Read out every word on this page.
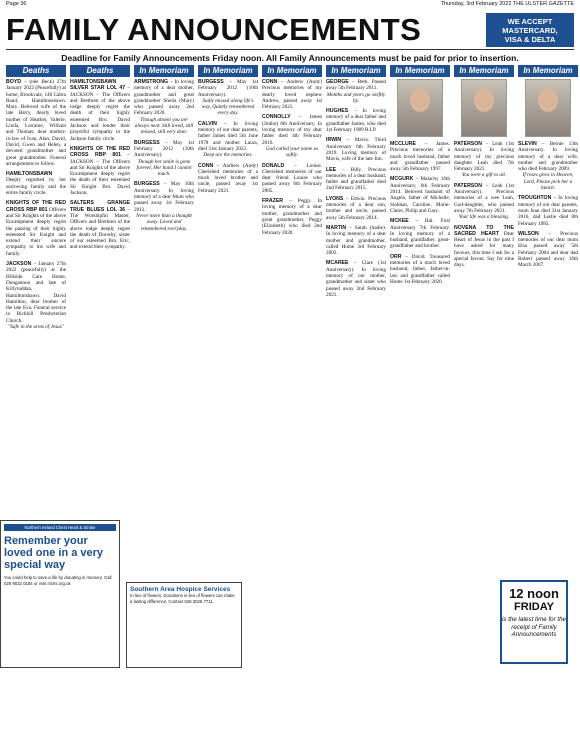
Page 36	Thursday, 3rd February 2022 THE ULSTER GAZETTE
FAMILY ANNOUNCEMENTS	WE ACCEPT
MASTERCARD,
VISA & DELTA
Deadline for Family Announcements Friday noon. All Family Announcements must be paid for prior to insertion.
Deaths
BOYD – (née Beck) 27th January 2022 (Peacefully) at home, Brookvale, 140 Cabra Road, Hamiltonsbawn. Mary. Beloved wife of the late Harry, dearly loved mother of Heather, Valerie, Linda, Lorraine, William and Thomas; dear mother-in-law of Ivan, Alan, David, David, Gwen and Helen, a devoted grandmother and great grandmother. Funeral arrangements to follow.
HAMILTONSBAWN Deeply regretted by her sorrowing family and the entire family circle.
KNIGHTS OF THE RED CROSS RBP 801 Officers and Sir Knights of the above Encampment deeply regret the passing of their highly esteemed Sir Knight and extend their sincere sympathy to his wife and family.
JACKSON – January 27th 2022 (peacefully) at the Hillside Care Home, Dungannon and late of Killyruddan, Hamiltonsbawn. David Hamilton, dear brother of the late Eva. Funeral service in Richhill Presbyterian Church.
"Safe in the arms of Jesus"
Deaths
HAMILTONSBAWN SILVER STAR LOL 47 – JACKSON – The Officers and Brethren of the above lodge deeply regret the death of their highly esteemed Bro. David Jackson and tender their prayerful sympathy to the Jackson family circle.
KNIGHTS OF THE RED CROSS RBP 801 – JACKSON – The Officers and Sir Knights of the above Encampment deeply regret the death of their esteemed Sir Knight Bro. David Jackson.
SALTERS GRANGE TRUE BLUES LOL 36 – The Worshipful Master, Officers and Brethren of the above lodge deeply regret the death of Dorothy, sister of our esteemed Bro. Eric, and extend their sympathy.
In Memoriam
ARMSTRONG – In loving memory of a dear mother, grandmother and great grandmother Sheila (Mary) who passed away 2nd February 2020.
Though absent you are always near. Still loved, still missed, still very dear.
BURGESS – May 1st February 2012 (10th Anniversary).
Though her smile is gone forever, Her hand I cannot touch.
BURGESS – May 10th Anniversary. In loving memory of a dear Mum who passed away 1st February 2012.
Never more than a thought away. Loved and remembered everyday.
In Memoriam
BURGESS – May 1st February 2012 (10th Anniversary).
Sadly missed along life's way, Quietly remembered every day.
CALVIN – In loving memory of our dear parents, father James died 5th June 1978 and mother Laura, died 31st January 2022.
Deep are the memories.
CONN – Andrew (Andy) Cherished memories of a much loved brother and uncle, passed away 1st February 2021.
In Memoriam
CONN – Andrew (Andy) Precious memories of my dearly loved nephew Andrew, passed away 1st February 2021.
CONNOLLY – James (Jimbo) 6th Anniversary. In loving memory of my dear father died 4th February 2016.
God called your name so softly.
DONALD – Louise. Cherished memories of our dear friend Louise who passed away 6th February 2005.
FRAZER – Peggy. In loving memory of a dear mother, grandmother and great grandmother, Peggy (Elizabeth) who died 2nd February 2020.
In Memoriam
GEORGE – Beth. Passed away 5th February 2011.
Months and years go swiftly by.
HUGHES – In loving memory of a dear father and grandfather James, who died 1st February 1989 R.I.P.
IRWIN – Mavis. Third Anniversary 6th February 2019. Loving memory of Mavis, wife of the late Jim.
LEE – Billy. Precious memories of a dear husband, father and grandfather died 2nd February 2015.
LYONS – Edwin. Precious memories of a dear son, brother and uncle, passed away 5th February 2014.
MARTIN – Sarah (Sadie). In loving memory of a dear mother and grandmother, called Home 3rd February 2002.
MCAREE – Clare (1st Anniversary). In loving memory of our mother, grandmother and sister who passed away 2nd February 2021.
In Memoriam
MCCLURE – James. Precious memories of a much loved husband, father and grandfather passed away 5th February 1997.
MCGURK – Malachy 16th Anniversary. 6th February 2014. Beloved husband of Angela, father of Michelle, Siobhan, Caroline, Marie-Claire, Philip and Gary.
MCKEE – Hal. First Anniversary 7th February. In loving memory of a husband, grandfather, great-grandfather and brother.
ORR – David. Treasured memories of a much loved husband, father, father-in-law and grandfather called Home 1st February 2020.
In Memoriam
PATERSON – Leah (1st Anniversary). In loving memory of my precious daughter Leah died 7th February 2021.
You were a gift to all.
PATERSON – Leah (1st Anniversary). Precious memories of a wee Leah, God-daughter, who passed away 7th February 2021.
Your life was a blessing.
NOVENA TO THE SACRED HEART Dear Heart of Jesus in the past I have asked for many favours, this time I ask for a special favour. Say for nine days.
In Memoriam
SLEVIN – Bernie 13th Anniversary. In loving memory of a dear wife, mother and grandmother who died February 2009.
If roses grow in Heaven, Lord, Please pick her a bunch.
TROUGHTON – In loving memory of our dear parents, mum Jean died 31st January 2016, dad Leslie died 8th February 1983.
WILSON – Precious memories of our dear mum Elsa passed away 5th February 2004 and dear dad Robert passed away 16th March 2007.
Northern Ireland Chest Heart & Stroke
Remember your loved one in a very special way
You could help to save a life by donating in memory. Call 028 9032 0184 or visit nichs.org.uk
Southern Area Hospice Services
In lieu of flowers. Donations in lieu of flowers can make a lasting difference. Contact 028 3026 7711.
12 noon
FRIDAY
is the latest time for the receipt of Family Announcements
